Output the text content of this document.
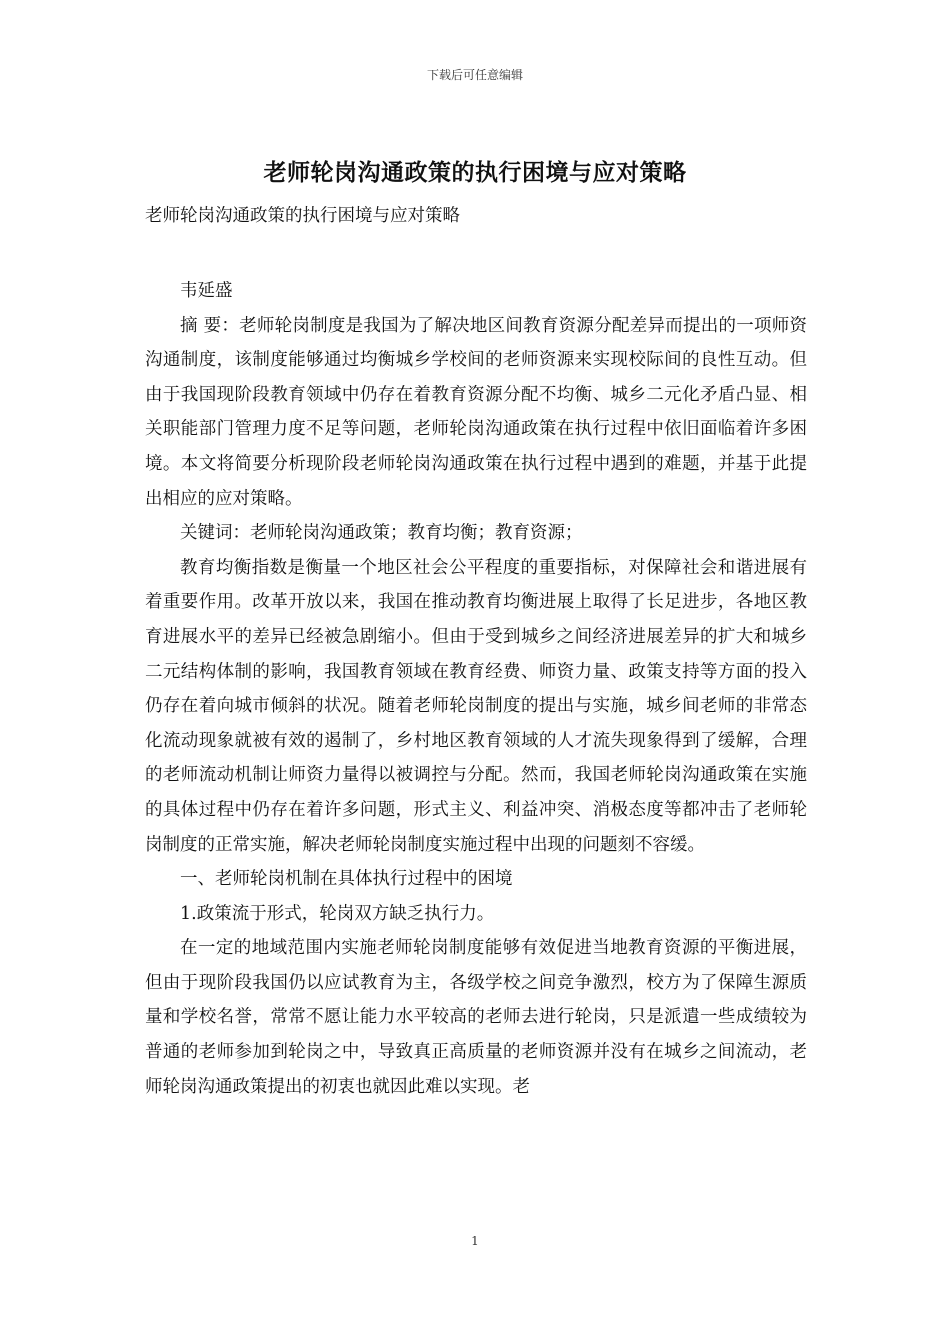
下载后可任意编辑
老师轮岗沟通政策的执行困境与应对策略
老师轮岗沟通政策的执行困境与应对策略

韦延盛

摘 要：老师轮岗制度是我国为了解决地区间教育资源分配差异而提出的一项师资沟通制度，该制度能够通过均衡城乡学校间的老师资源来实现校际间的良性互动。但由于我国现阶段教育领域中仍存在着教育资源分配不均衡、城乡二元化矛盾凸显、相关职能部门管理力度不足等问题，老师轮岗沟通政策在执行过程中依旧面临着许多困境。本文将简要分析现阶段老师轮岗沟通政策在执行过程中遇到的难题，并基于此提出相应的应对策略。

关键词：老师轮岗沟通政策；教育均衡；教育资源；

教育均衡指数是衡量一个地区社会公平程度的重要指标，对保障社会和谐进展有着重要作用。改革开放以来，我国在推动教育均衡进展上取得了长足进步，各地区教育进展水平的差异已经被急剧缩小。但由于受到城乡之间经济进展差异的扩大和城乡二元结构体制的影响，我国教育领域在教育经费、师资力量、政策支持等方面的投入仍存在着向城市倾斜的状况。随着老师轮岗制度的提出与实施，城乡间老师的非常态化流动现象就被有效的遏制了，乡村地区教育领域的人才流失现象得到了缓解，合理的老师流动机制让师资力量得以被调控与分配。然而，我国老师轮岗沟通政策在实施的具体过程中仍存在着许多问题，形式主义、利益冲突、消极态度等都冲击了老师轮岗制度的正常实施，解决老师轮岗制度实施过程中出现的问题刻不容缓。

一、老师轮岗机制在具体执行过程中的困境

1.政策流于形式，轮岗双方缺乏执行力。

在一定的地域范围内实施老师轮岗制度能够有效促进当地教育资源的平衡进展，但由于现阶段我国仍以应试教育为主，各级学校之间竞争激烈，校方为了保障生源质量和学校名誉，常常不愿让能力水平较高的老师去进行轮岗，只是派遣一些成绩较为普通的老师参加到轮岗之中，导致真正高质量的老师资源并没有在城乡之间流动，老师轮岗沟通政策提出的初衷也就因此难以实现。老

1
